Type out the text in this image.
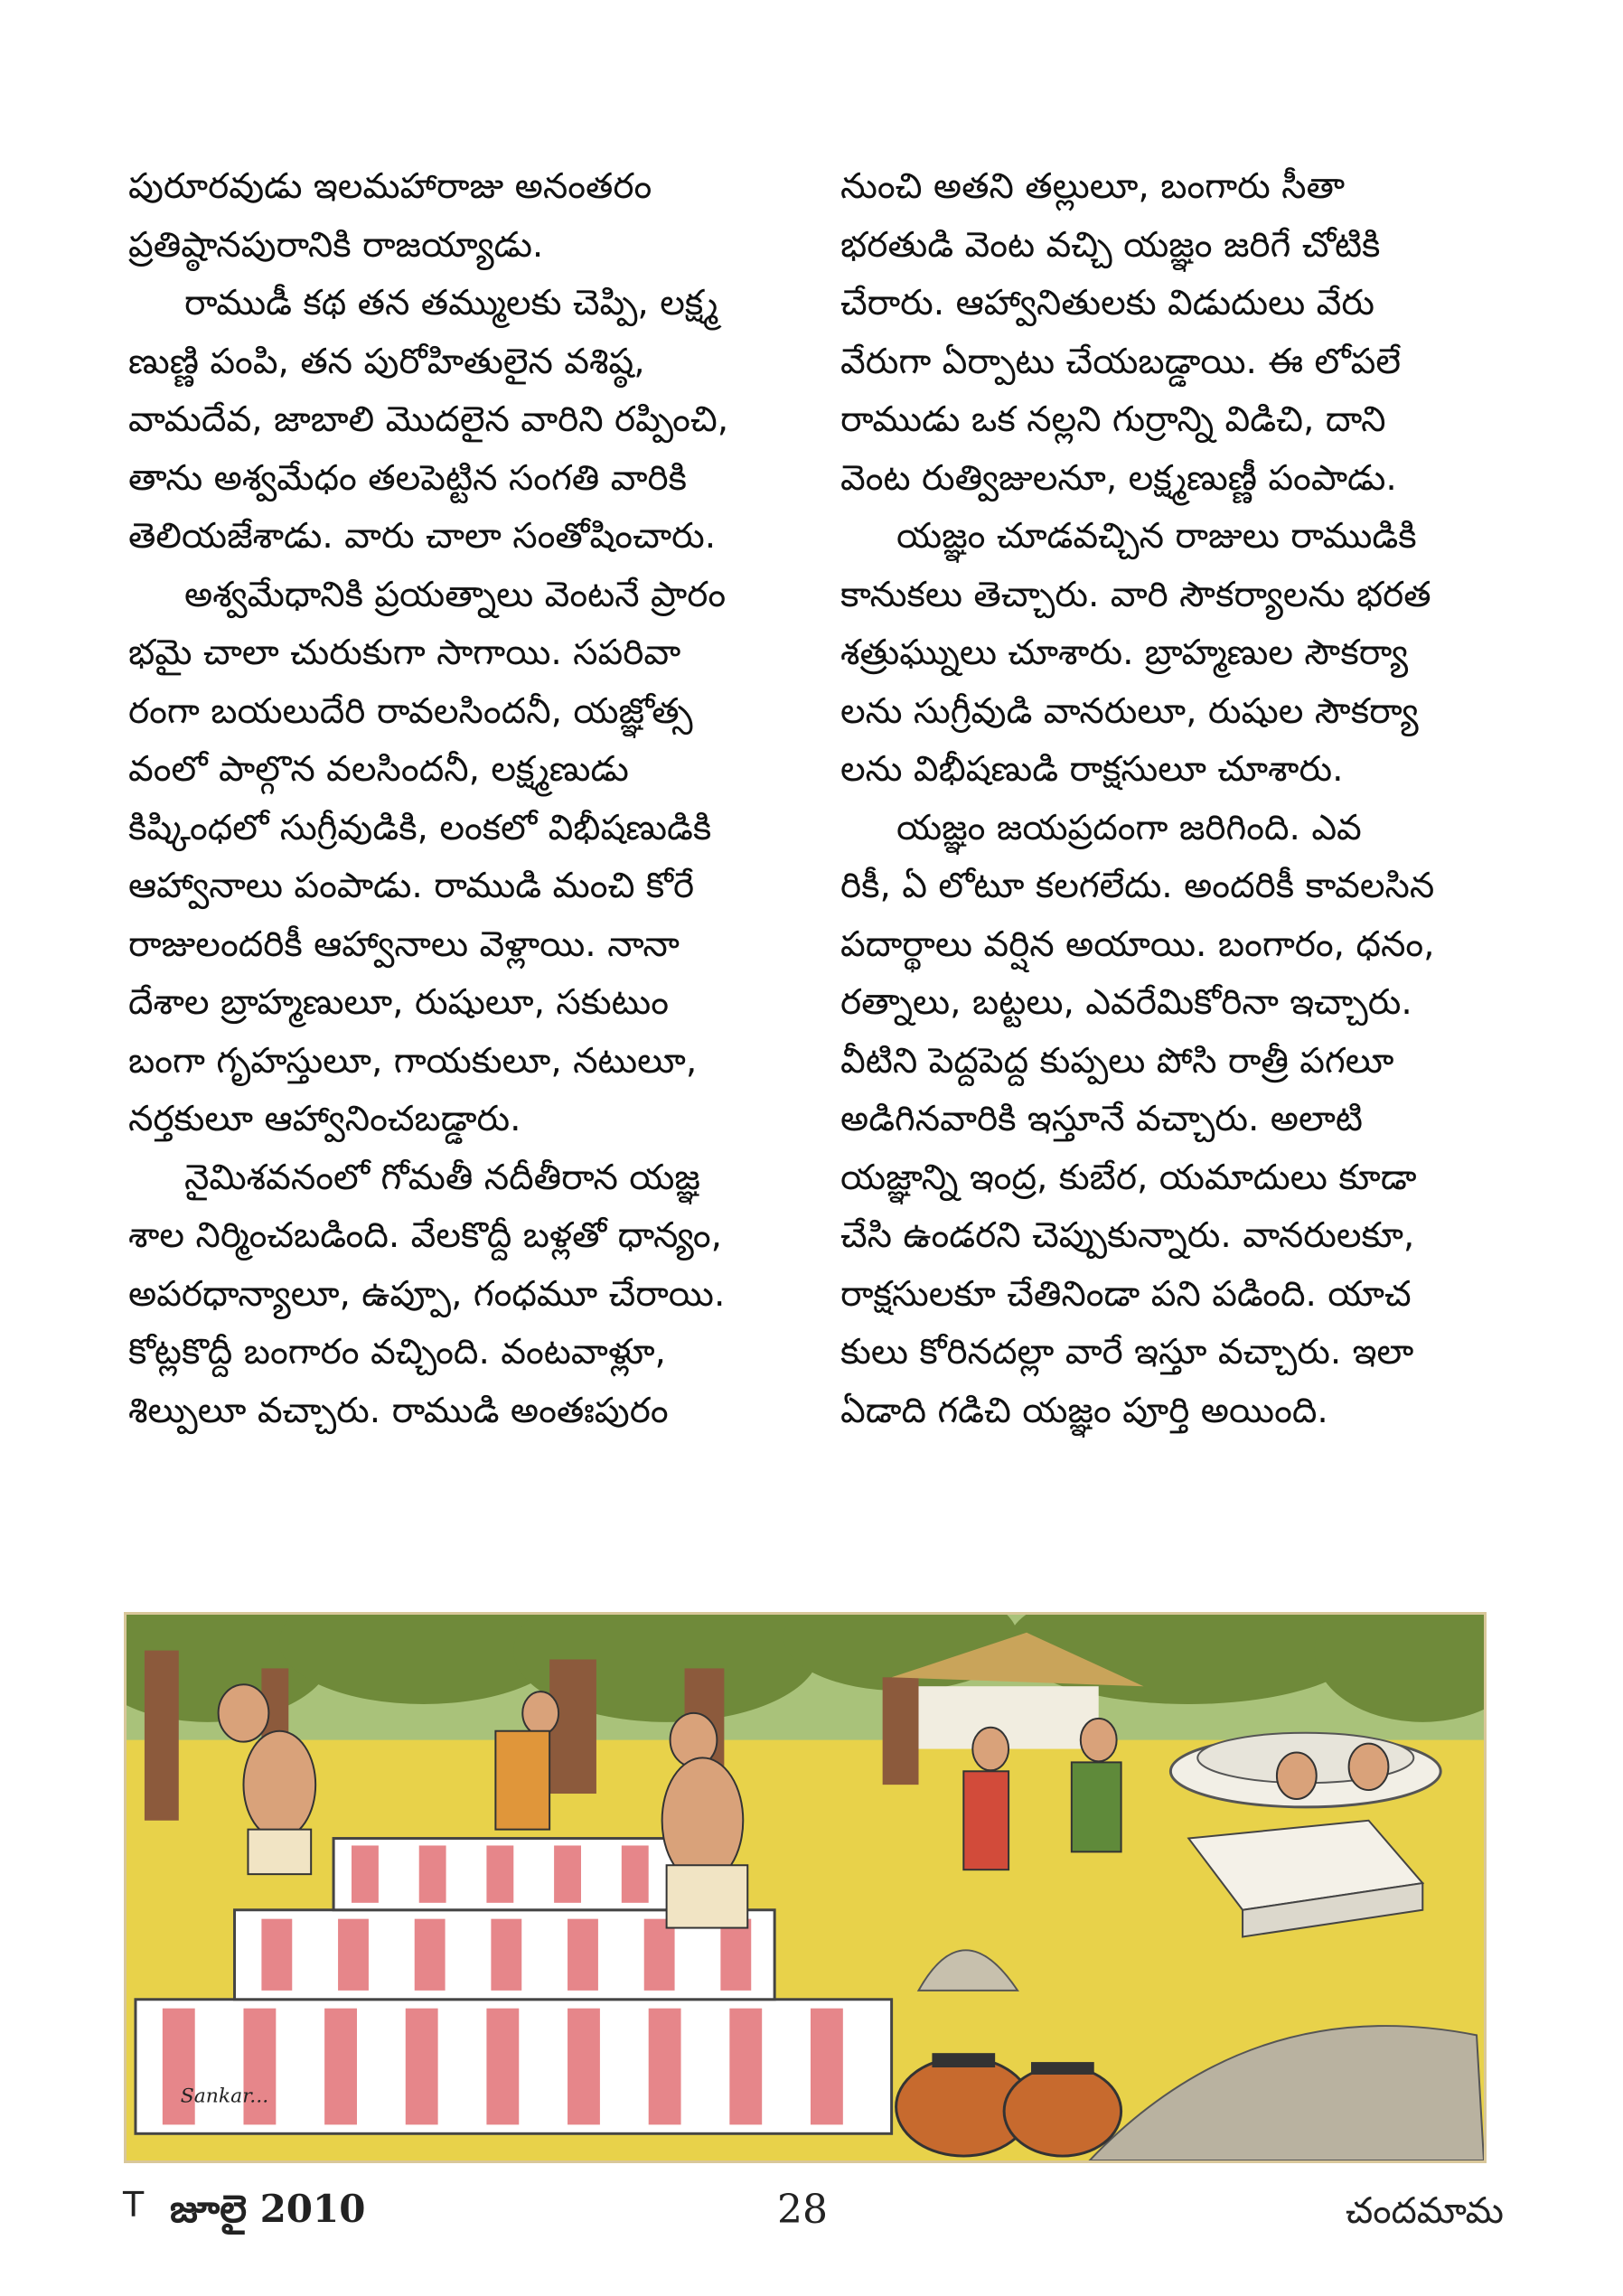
పురూరవుడు ఇలమహారాజు అనంతరం
ప్రతిష్ఠానపురానికి రాజయ్యాడు.

రాముడీ కథ తన తమ్ములకు చెప్పి, లక్ష్మ
ణుణ్ణి పంపి, తన పురోహితులైన వశిష్ఠ,
వామదేవ, జాబాలి మొదలైన వారిని రప్పించి,
తాను అశ్వమేధం తలపెట్టిన సంగతి వారికి
తెలియజేశాడు. వారు చాలా సంతోషించారు.

అశ్వమేధానికి ప్రయత్నాలు వెంటనే ప్రారం
భమై చాలా చురుకుగా సాగాయి. సపరివా
రంగా బయలుదేరి రావలసిందనీ, యజ్ఞోత్స
వంలో పాల్గొన వలసిందనీ, లక్ష్మణుడు
కిష్కింధలో సుగ్రీవుడికి, లంకలో విభీషణుడికి
ఆహ్వానాలు పంపాడు. రాముడి మంచి కోరే
రాజులందరికీ ఆహ్వానాలు వెళ్లాయి. నానా
దేశాల బ్రాహ్మణులూ, రుషులూ, సకుటుం
బంగా గృహస్తులూ, గాయకులూ, నటులూ,
నర్తకులూ ఆహ్వానించబడ్డారు.

నైమిశవనంలో గోమతీ నదీతీరాన యజ్ఞ
శాల నిర్మించబడింది. వేలకొద్దీ బళ్లతో ధాన్యం,
అపరధాన్యాలూ, ఉప్పూ, గంధమూ చేరాయి.
కోట్లకొద్దీ బంగారం వచ్చింది. వంటవాళ్లూ,
శిల్పులూ వచ్చారు. రాముడి అంతఃపురం

నుంచి అతని తల్లులూ, బంగారు సీతా
భరతుడి వెంట వచ్చి యజ్ఞం జరిగే చోటికి
చేరారు. ఆహ్వానితులకు విడుదులు వేరు
వేరుగా ఏర్పాటు చేయబడ్డాయి. ఈ లోపలే
రాముడు ఒక నల్లని గుర్రాన్ని విడిచి, దాని
వెంట రుత్విజులనూ, లక్ష్మణుణ్ణీ పంపాడు.

యజ్ఞం చూడవచ్చిన రాజులు రాముడికి
కానుకలు తెచ్చారు. వారి సౌకర్యాలను భరత
శత్రుఘ్నులు చూశారు. బ్రాహ్మణుల సౌకర్యా
లను సుగ్రీవుడి వానరులూ, రుషుల సౌకర్యా
లను విభీషణుడి రాక్షసులూ చూశారు.

యజ్ఞం జయప్రదంగా జరిగింది. ఎవ
రికీ, ఏ లోటూ కలగలేదు. అందరికీ కావలసిన
పదార్థాలు వర్షిన అయాయి. బంగారం, ధనం,
రత్నాలు, బట్టలు, ఎవరేమికోరినా ఇచ్చారు.
వీటిని పెద్దపెద్ద కుప్పలు పోసి రాత్రీ పగలూ
అడిగినవారికి ఇస్తూనే వచ్చారు. అలాటి
యజ్ఞాన్ని ఇంద్ర, కుబేర, యమాదులు కూడా
చేసి ఉండరని చెప్పుకున్నారు. వానరులకూ,
రాక్షసులకూ చేతినిండా పని పడింది. యాచ
కులు కోరినదల్లా వారే ఇస్తూ వచ్చారు. ఇలా
ఏడాది గడిచి యజ్ఞం పూర్తి అయింది.

Sankar...
T జూలై 2010	28	చందమామ
